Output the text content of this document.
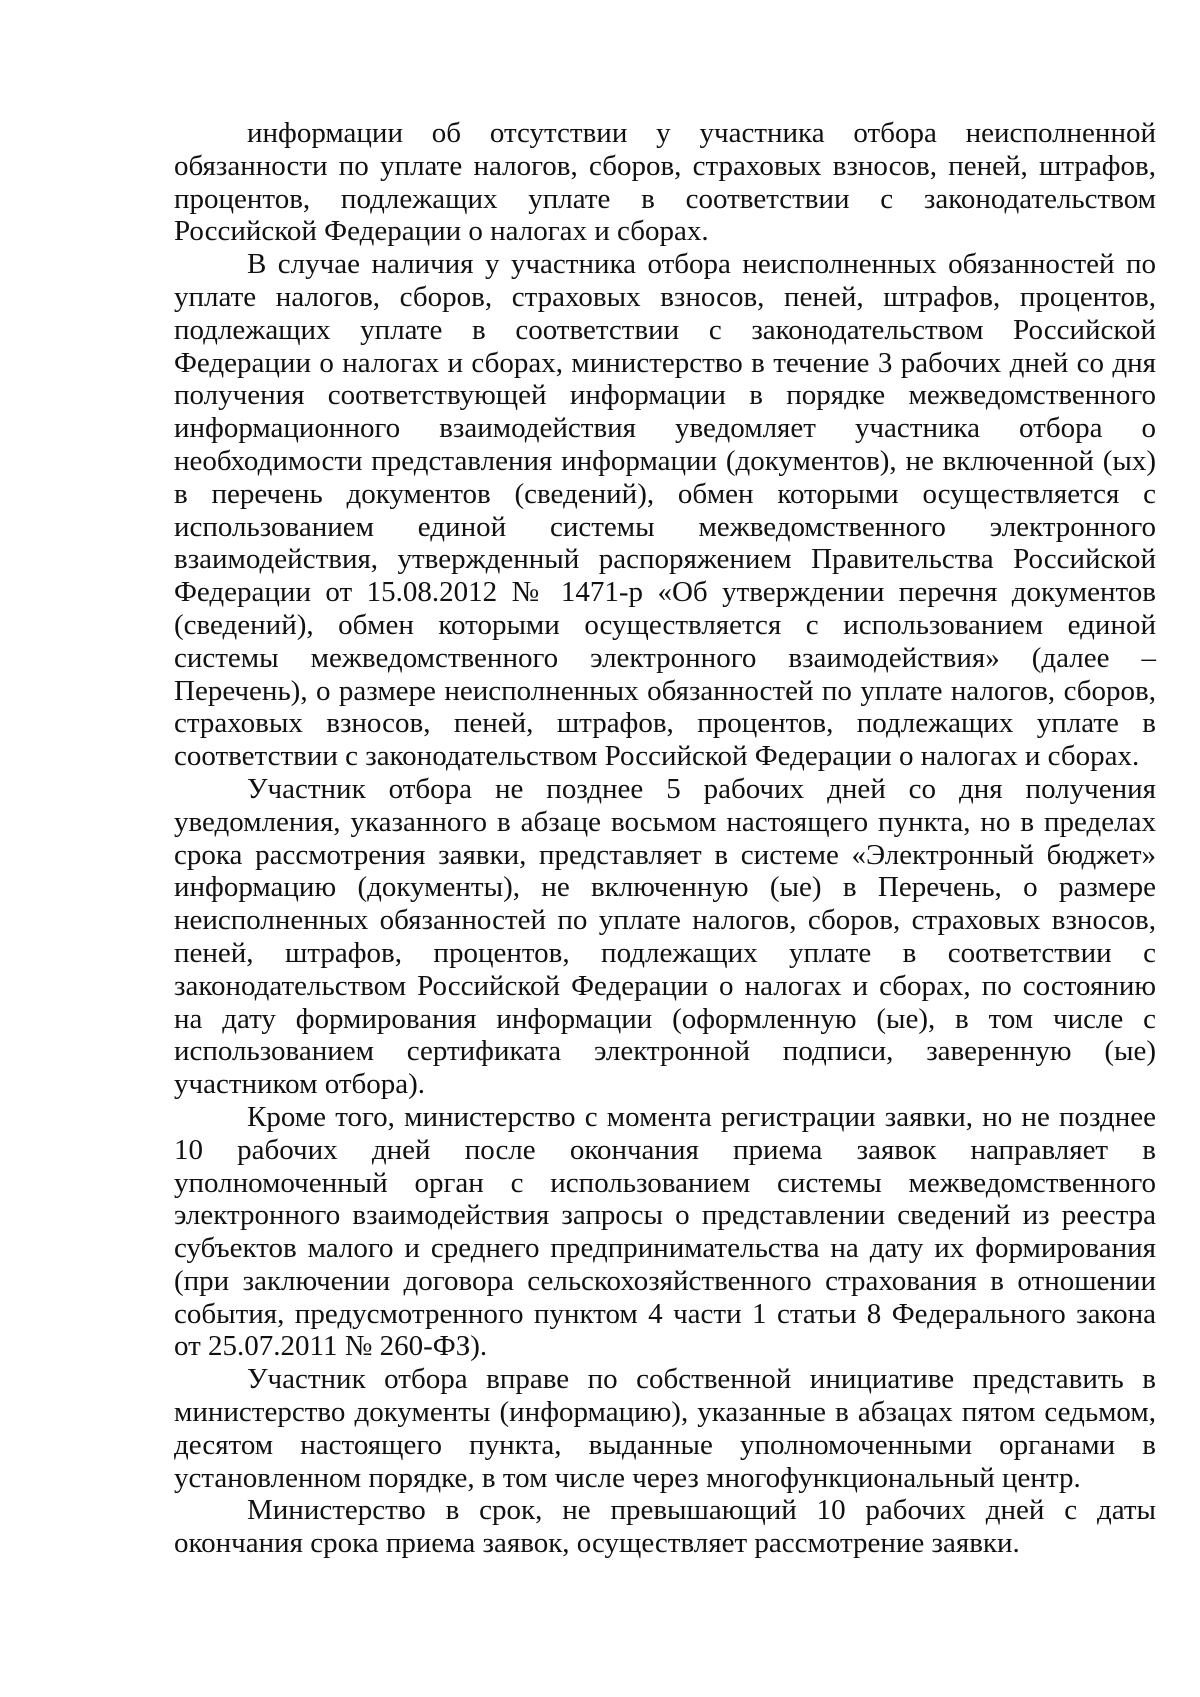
информации об отсутствии у участника отбора неисполненной обязанности по уплате налогов, сборов, страховых взносов, пеней, штрафов, процентов, подлежащих уплате в соответствии с законодательством Российской Федерации о налогах и сборах.

В случае наличия у участника отбора неисполненных обязанностей по уплате налогов, сборов, страховых взносов, пеней, штрафов, процентов, подлежащих уплате в соответствии с законодательством Российской Федерации о налогах и сборах, министерство в течение 3 рабочих дней со дня получения соответствующей информации в порядке межведомственного информационного взаимодействия уведомляет участника отбора о необходимости представления информации (документов), не включенной (ых) в перечень документов (сведений), обмен которыми осуществляется с использованием единой системы межведомственного электронного взаимодействия, утвержденный распоряжением Правительства Российской Федерации от 15.08.2012 № 1471-р «Об утверждении перечня документов (сведений), обмен которыми осуществляется с использованием единой системы межведомственного электронного взаимодействия» (далее – Перечень), о размере неисполненных обязанностей по уплате налогов, сборов, страховых взносов, пеней, штрафов, процентов, подлежащих уплате в соответствии с законодательством Российской Федерации о налогах и сборах.

Участник отбора не позднее 5 рабочих дней со дня получения уведомления, указанного в абзаце восьмом настоящего пункта, но в пределах срока рассмотрения заявки, представляет в системе «Электронный бюджет» информацию (документы), не включенную (ые) в Перечень, о размере неисполненных обязанностей по уплате налогов, сборов, страховых взносов, пеней, штрафов, процентов, подлежащих уплате в соответствии с законодательством Российской Федерации о налогах и сборах, по состоянию на дату формирования информации (оформленную (ые), в том числе с использованием сертификата электронной подписи, заверенную (ые) участником отбора).

Кроме того, министерство с момента регистрации заявки, но не позднее 10 рабочих дней после окончания приема заявок направляет в уполномоченный орган с использованием системы межведомственного электронного взаимодействия запросы о представлении сведений из реестра субъектов малого и среднего предпринимательства на дату их формирования (при заключении договора сельскохозяйственного страхования в отношении события, предусмотренного пунктом 4 части 1 статьи 8 Федерального закона от 25.07.2011 № 260-ФЗ).

Участник отбора вправе по собственной инициативе представить в министерство документы (информацию), указанные в абзацах пятом седьмом, десятом настоящего пункта, выданные уполномоченными органами в установленном порядке, в том числе через многофункциональный центр.

Министерство в срок, не превышающий 10 рабочих дней с даты окончания срока приема заявок, осуществляет рассмотрение заявки.
